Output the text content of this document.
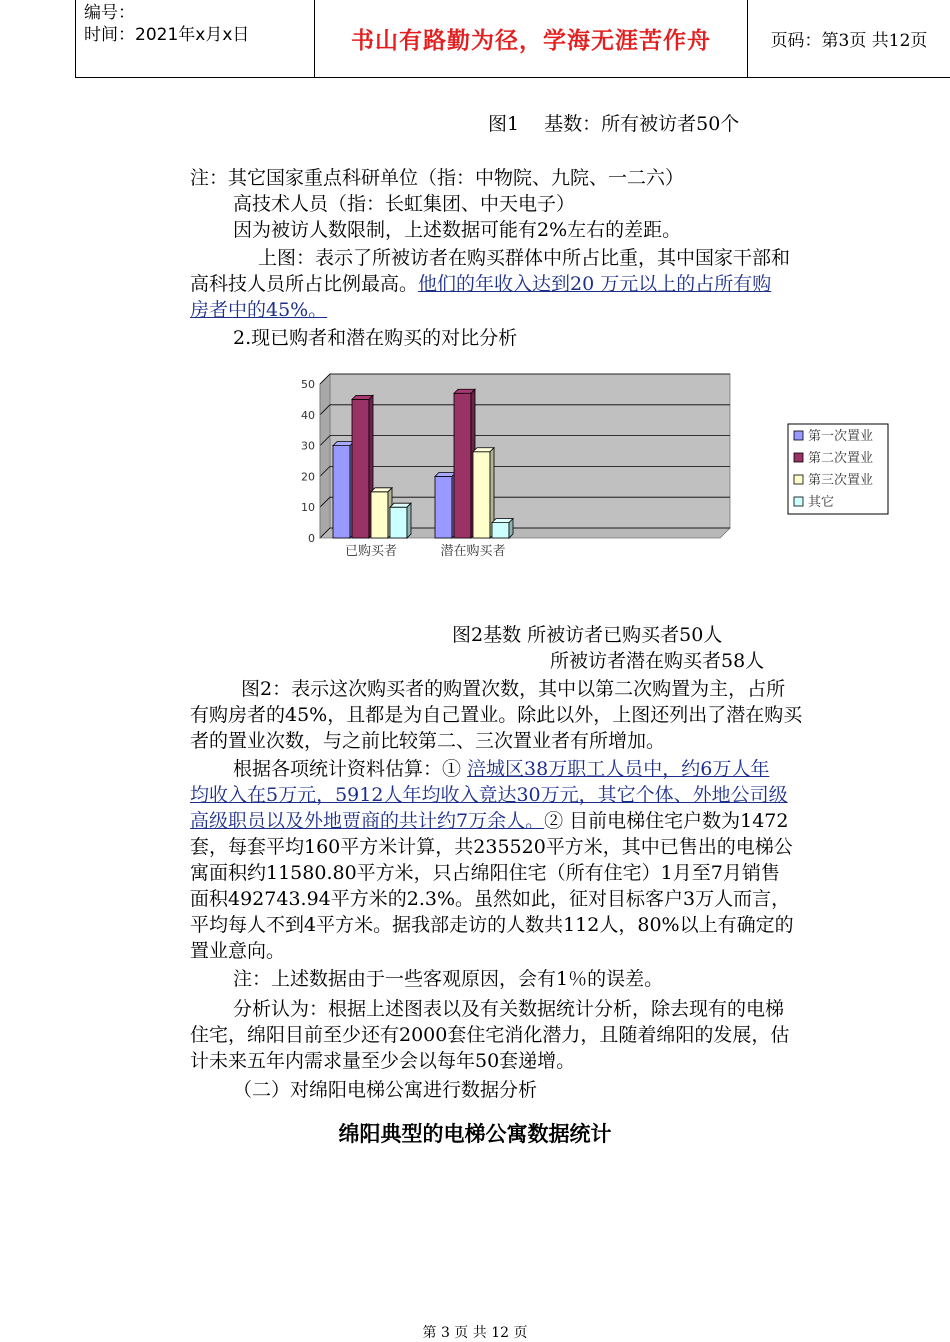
编号：
时间：2021年x月x日	书山有路勤为径，学海无涯苦作舟	页码：第3页 共12页
图1　 基数：所有被访者50个
注：其它国家重点科研单位（指：中物院、九院、一二六）
高技术人员（指：长虹集团、中天电子）
因为被访人数限制，上述数据可能有2%左右的差距。
上图：表示了所被访者在购买群体中所占比重，其中国家干部和
高科技人员所占比例最高。他们的年收入达到20 万元以上的占所有购
房者中的45%。
2.现已购者和潜在购买的对比分析
0
10
20
30
40
50
已购买者	潜在购买者
第一次置业
第二次置业
第三次置业
其它
图2基数 所被访者已购买者50人
所被访者潜在购买者58人
图2：表示这次购买者的购置次数，其中以第二次购置为主，占所
有购房者的45%，且都是为自己置业。除此以外，上图还列出了潜在购买
者的置业次数，与之前比较第二、三次置业者有所增加。
根据各项统计资料估算：① 涪城区38万职工人员中，约6万人年
均收入在5万元，5912人年均收入竟达30万元，其它个体、外地公司级
高级职员以及外地贾商的共计约7万余人。② 目前电梯住宅户数为1472
套，每套平均160平方米计算，共235520平方米，其中已售出的电梯公
寓面积约11580.80平方米，只占绵阳住宅（所有住宅）1月至7月销售
面积492743.94平方米的2.3%。虽然如此，征对目标客户3万人而言，
平均每人不到4平方米。据我部走访的人数共112人，80%以上有确定的
置业意向。
注：上述数据由于一些客观原因，会有1％的误差。
分析认为：根据上述图表以及有关数据统计分析，除去现有的电梯
住宅，绵阳目前至少还有2000套住宅消化潜力，且随着绵阳的发展，估
计未来五年内需求量至少会以每年50套递增。
（二）对绵阳电梯公寓进行数据分析
绵阳典型的电梯公寓数据统计
第 3 页 共 12 页
